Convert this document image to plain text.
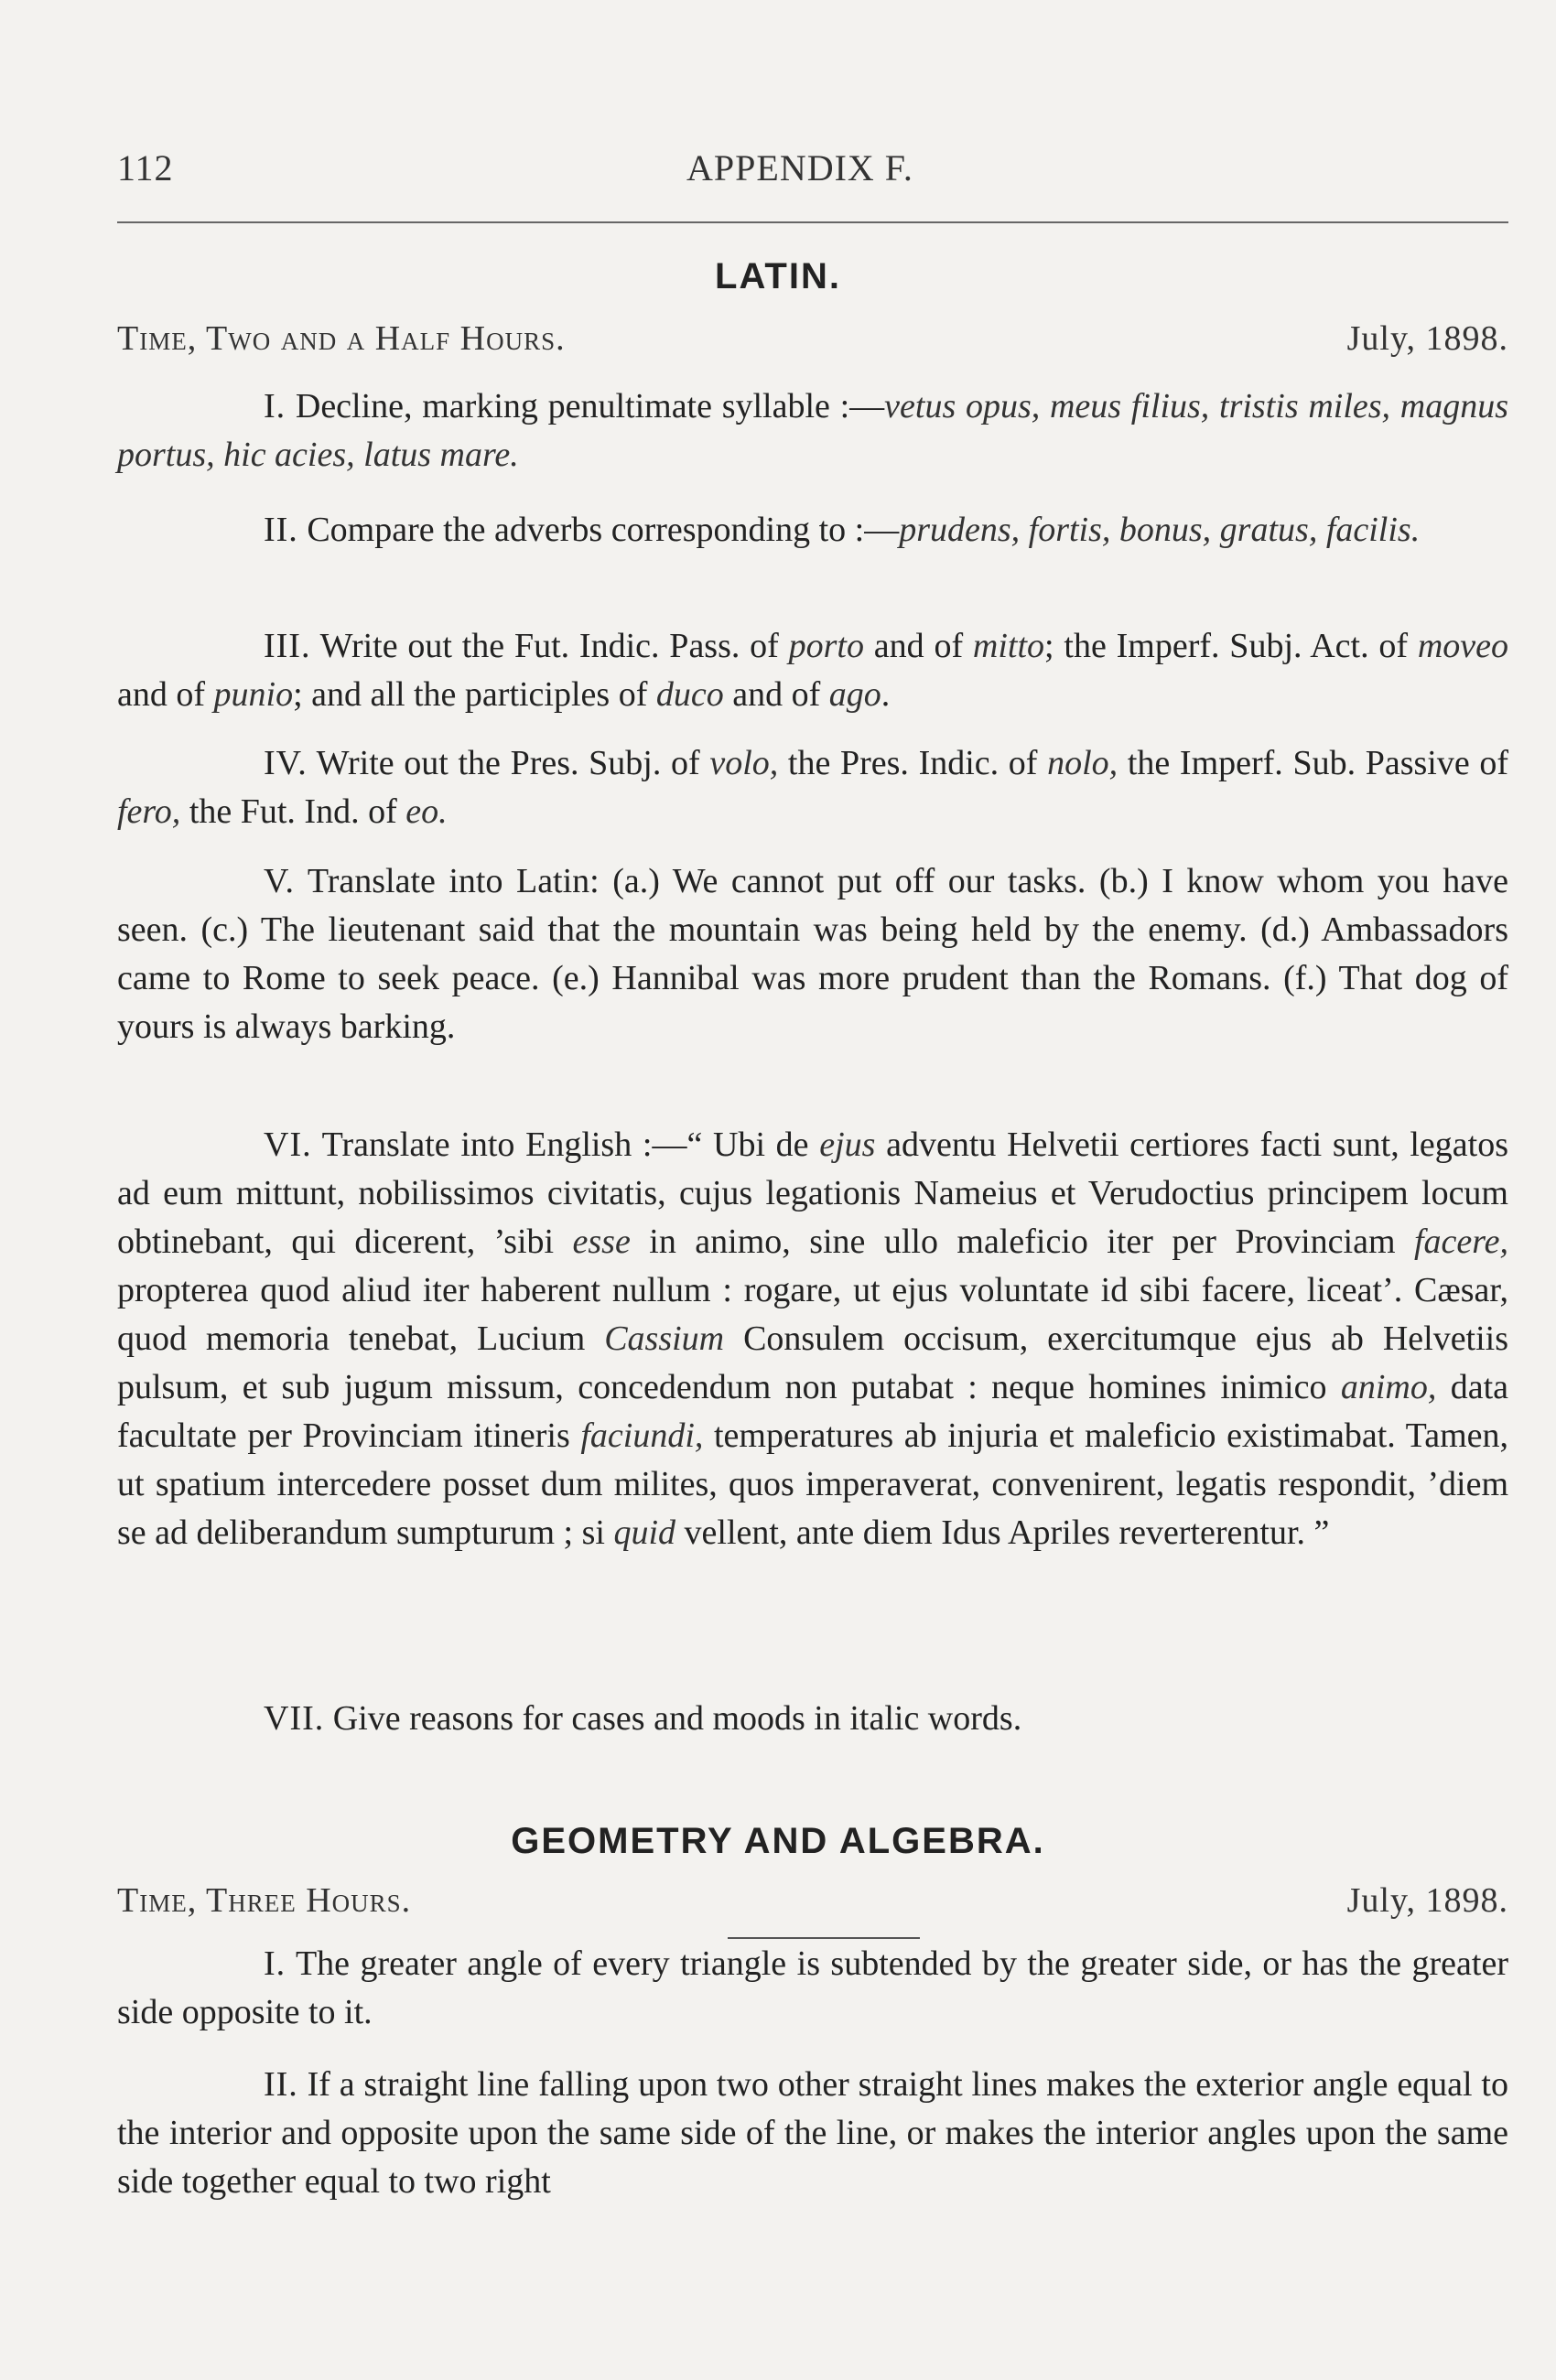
112	APPENDIX F.
LATIN.
Time, Two and a Half Hours.	July, 1898.

I. Decline, marking penultimate syllable :—vetus opus, meus filius, tristis miles, magnus portus, hic acies, latus mare.

II. Compare the adverbs corresponding to :—prudens, fortis, bonus, gratus, facilis.

III. Write out the Fut. Indic. Pass. of porto and of mitto; the Imperf. Subj. Act. of moveo and of punio; and all the participles of duco and of ago.

IV. Write out the Pres. Subj. of volo, the Pres. Indic. of nolo, the Imperf. Sub. Passive of fero, the Fut. Ind. of eo.

V. Translate into Latin: (a.) We cannot put off our tasks. (b.) I know whom you have seen. (c.) The lieutenant said that the mountain was being held by the enemy. (d.) Ambassadors came to Rome to seek peace. (e.) Hannibal was more prudent than the Romans. (f.) That dog of yours is always barking.

VI. Translate into English :—“ Ubi de ejus adventu Helvetii certiores facti sunt, legatos ad eum mittunt, nobilissimos civitatis, cujus legationis Nameius et Verudoctius principem locum obtinebant, qui dicerent, ’sibi esse in animo, sine ullo maleficio iter per Provinciam facere, propterea quod aliud iter haberent nullum : rogare, ut ejus voluntate id sibi facere, liceat’. Cæsar, quod memoria tenebat, Lucium Cassium Consulem occisum, exercitumque ejus ab Helvetiis pulsum, et sub jugum missum, concedendum non putabat : neque homines inimico animo, data facultate per Provinciam itineris faciundi, temperatures ab injuria et maleficio existimabat. Tamen, ut spatium intercedere posset dum milites, quos imperaverat, convenirent, legatis respondit, ’diem se ad deliberandum sumpturum ; si quid vellent, ante diem Idus Apriles reverterentur. ”

VII. Give reasons for cases and moods in italic words.

GEOMETRY AND ALGEBRA.
Time, Three Hours.	July, 1898.

I. The greater angle of every triangle is subtended by the greater side, or has the greater side opposite to it.

II. If a straight line falling upon two other straight lines makes the exterior angle equal to the interior and opposite upon the same side of the line, or makes the interior angles upon the same side together equal to two right
